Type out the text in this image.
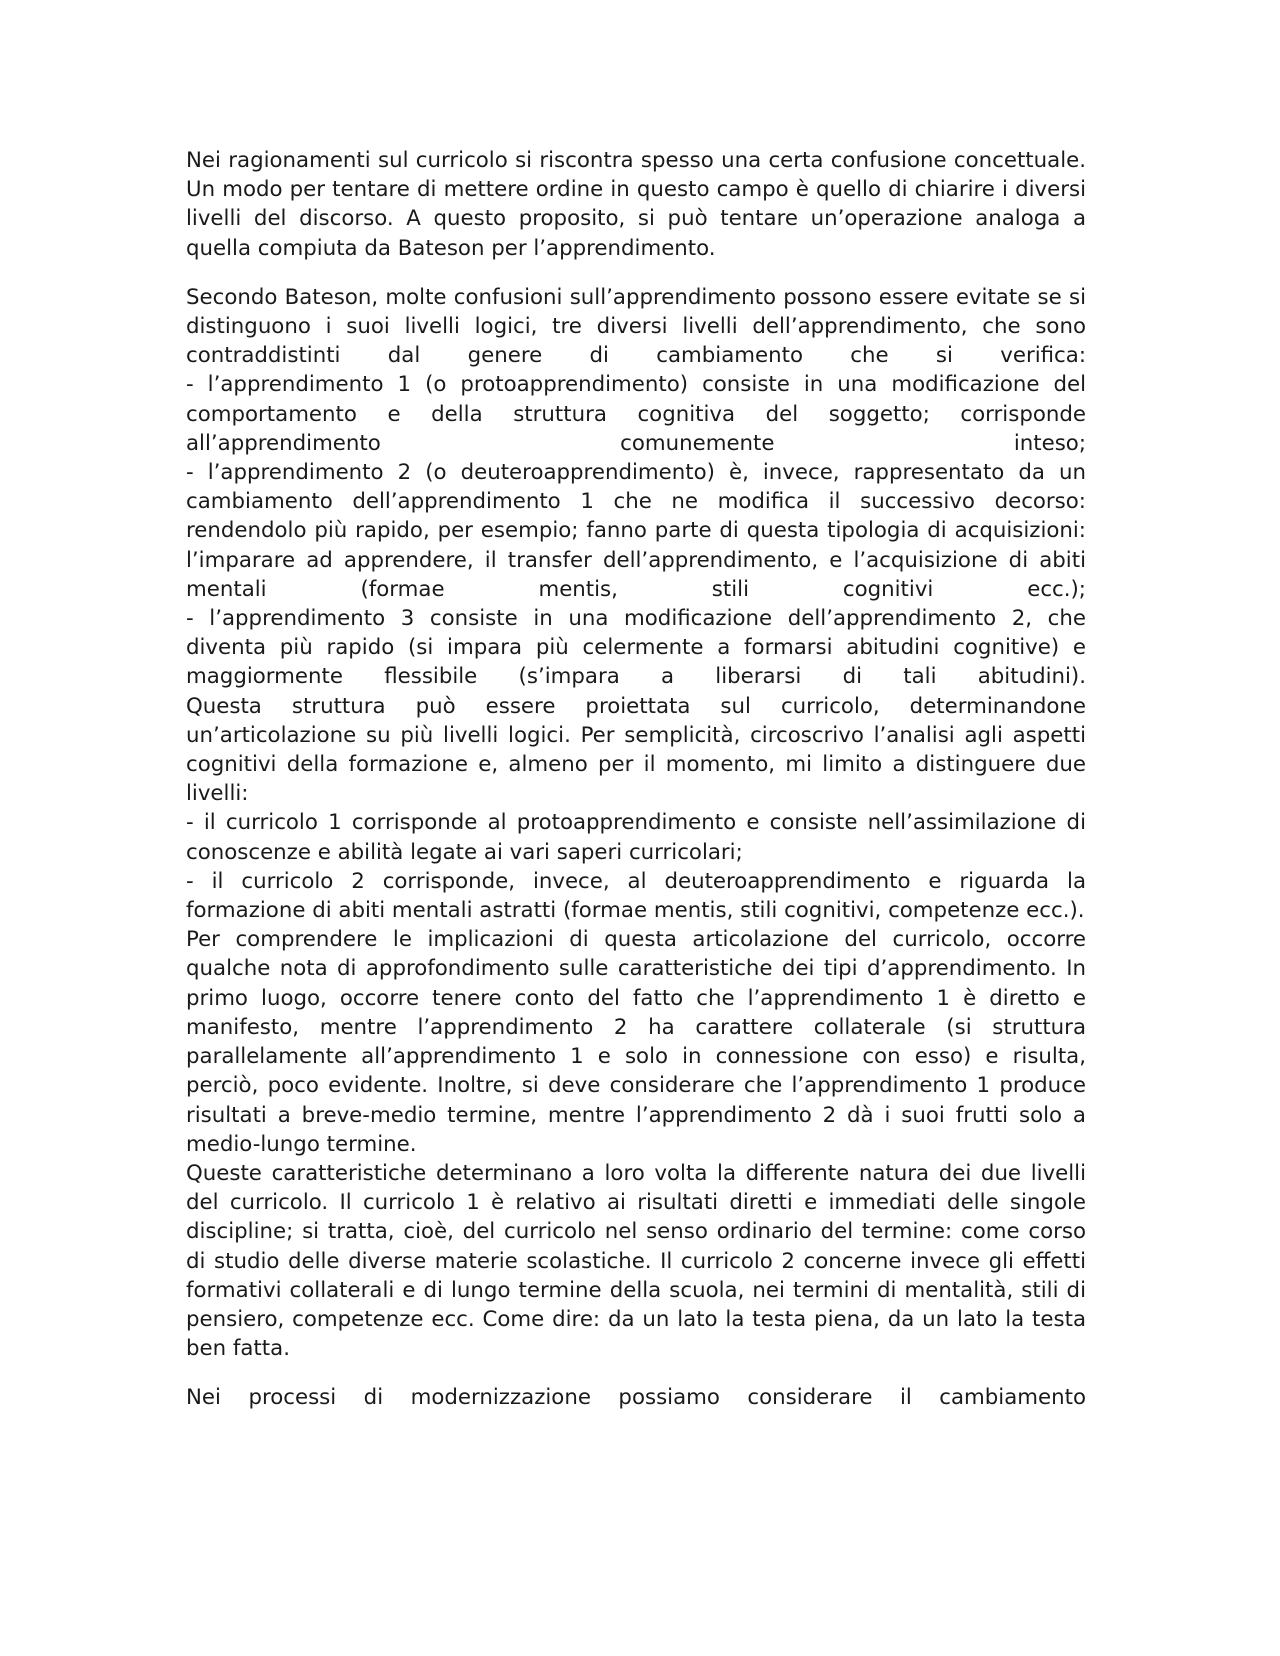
Nei ragionamenti sul curricolo si riscontra spesso una certa confusione concettuale. Un modo per tentare di mettere ordine in questo campo è quello di chiarire i diversi livelli del discorso. A questo proposito, si può tentare un’operazione analoga a quella compiuta da Bateson per l’apprendimento.

Secondo Bateson, molte confusioni sull’apprendimento possono essere evitate se si distinguono i suoi livelli logici, tre diversi livelli dell’apprendimento, che sono contraddistinti dal genere di cambiamento che si verifica:

- l’apprendimento 1 (o protoapprendimento) consiste in una modificazione del comportamento e della struttura cognitiva del soggetto; corrisponde all’apprendimento comunemente inteso;

- l’apprendimento 2 (o deuteroapprendimento) è, invece, rappresentato da un cambiamento dell’apprendimento 1 che ne modifica il successivo decorso: rendendolo più rapido, per esempio; fanno parte di questa tipologia di acquisizioni: l’imparare ad apprendere, il transfer dell’apprendimento, e l’acquisizione di abiti mentali (formae mentis, stili cognitivi ecc.);

- l’apprendimento 3 consiste in una modificazione dell’apprendimento 2, che diventa più rapido (si impara più celermente a formarsi abitudini cognitive) e maggiormente flessibile (s’impara a liberarsi di tali abitudini).

Questa struttura può essere proiettata sul curricolo, determinandone un’articolazione su più livelli logici. Per semplicità, circoscrivo l’analisi agli aspetti cognitivi della formazione e, almeno per il momento, mi limito a distinguere due livelli:

- il curricolo 1 corrisponde al protoapprendimento e consiste nell’assimilazione di conoscenze e abilità legate ai vari saperi curricolari;

- il curricolo 2 corrisponde, invece, al deuteroapprendimento e riguarda la formazione di abiti mentali astratti (formae mentis, stili cognitivi, competenze ecc.).

Per comprendere le implicazioni di questa articolazione del curricolo, occorre qualche nota di approfondimento sulle caratteristiche dei tipi d’apprendimento. In primo luogo, occorre tenere conto del fatto che l’apprendimento 1 è diretto e manifesto, mentre l’apprendimento 2 ha carattere collaterale (si struttura parallelamente all’apprendimento 1 e solo in connessione con esso) e risulta, perciò, poco evidente. Inoltre, si deve considerare che l’apprendimento 1 produce risultati a breve-medio termine, mentre l’apprendimento 2 dà i suoi frutti solo a medio-lungo termine.

Queste caratteristiche determinano a loro volta la differente natura dei due livelli del curricolo. Il curricolo 1 è relativo ai risultati diretti e immediati delle singole discipline; si tratta, cioè, del curricolo nel senso ordinario del termine: come corso di studio delle diverse materie scolastiche. Il curricolo 2 concerne invece gli effetti formativi collaterali e di lungo termine della scuola, nei termini di mentalità, stili di pensiero, competenze ecc. Come dire: da un lato la testa piena, da un lato la testa ben fatta.

Nei processi di modernizzazione possiamo considerare il cambiamento
